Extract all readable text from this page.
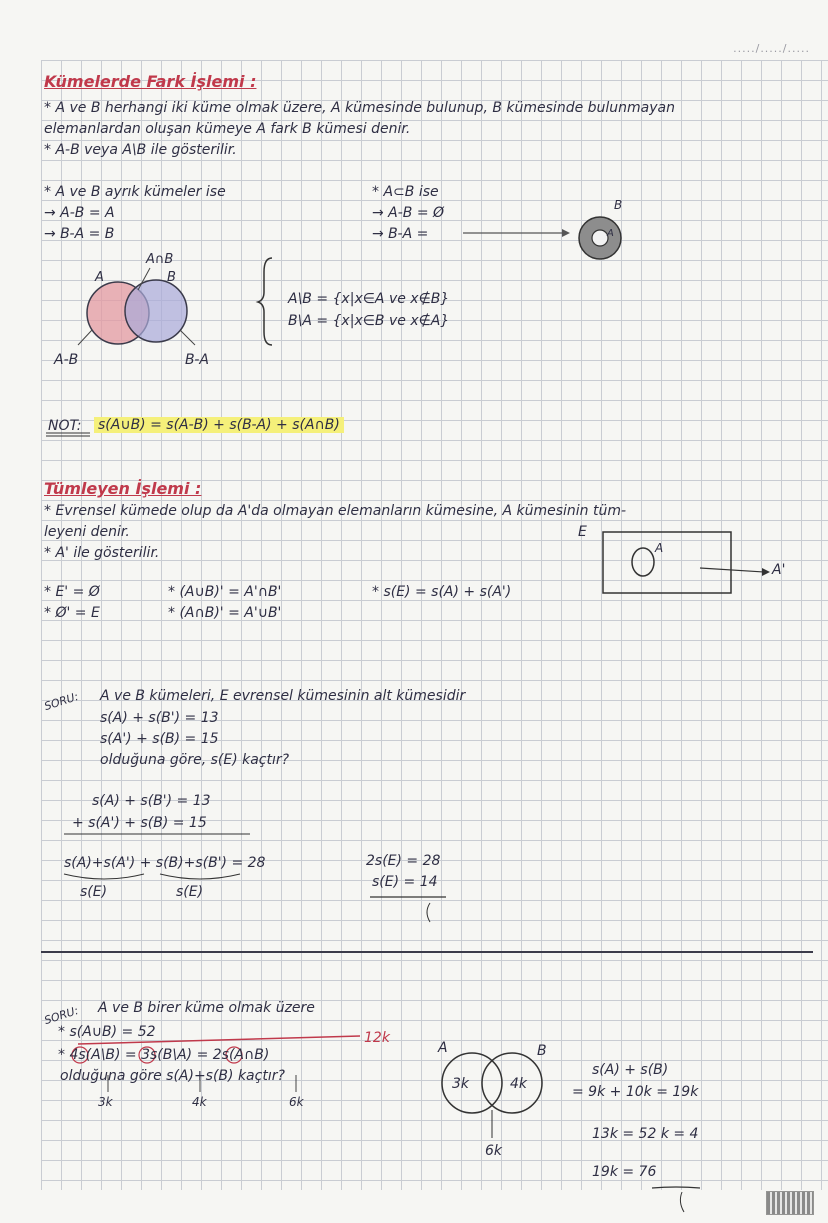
...../...../.....
Kümelerde Fark İşlemi :
* A ve B herhangi iki küme olmak üzere, A kümesinde bulunup, B kümesinde bulunmayan
elemanlardan oluşan kümeye A fark B kümesi denir.
* A-B veya A\B ile gösterilir.
* A ve B ayrık kümeler ise
→ A-B = A
→ B-A = B
* A⊂B ise
→ A-B = Ø
→ B-A =
A	B
A∩B
A-B	B-A
B
A
A\B = {x|x∈A ve x∉B}
B\A = {x|x∈B ve x∉A}
NOT: s(A∪B) = s(A-B) + s(B-A) + s(A∩B)
Tümleyen İşlemi :
* Evrensel kümede olup da A'da olmayan elemanların kümesine, A kümesinin tüm-
leyeni denir.
* A' ile gösterilir.
* E' = Ø
* Ø' = E
* (A∪B)' = A'∩B'
* (A∩B)' = A'∪B'
* s(E) = s(A) + s(A')
E
A
A'
SORU: A ve B kümeleri, E evrensel kümesinin alt kümesidir
s(A) + s(B') = 13
s(A') + s(B) = 15
olduğuna göre, s(E) kaçtır?
s(A) + s(B') = 13
+ s(A') + s(B) = 15
s(A)+s(A') + s(B)+s(B') = 28
s(E)	s(E)
2s(E) = 28
s(E) = 14
SORU: A ve B birer küme olmak üzere
* s(A∪B) = 52
* 4s(A\B) = 3s(B\A) = 2s(A∩B)
12k
olduğuna göre s(A)+s(B) kaçtır?
3k	4k	6k
A	B
3k	4k
6k
s(A) + s(B)
= 9k + 10k = 19k
13k = 52 k = 4
19k = 76
